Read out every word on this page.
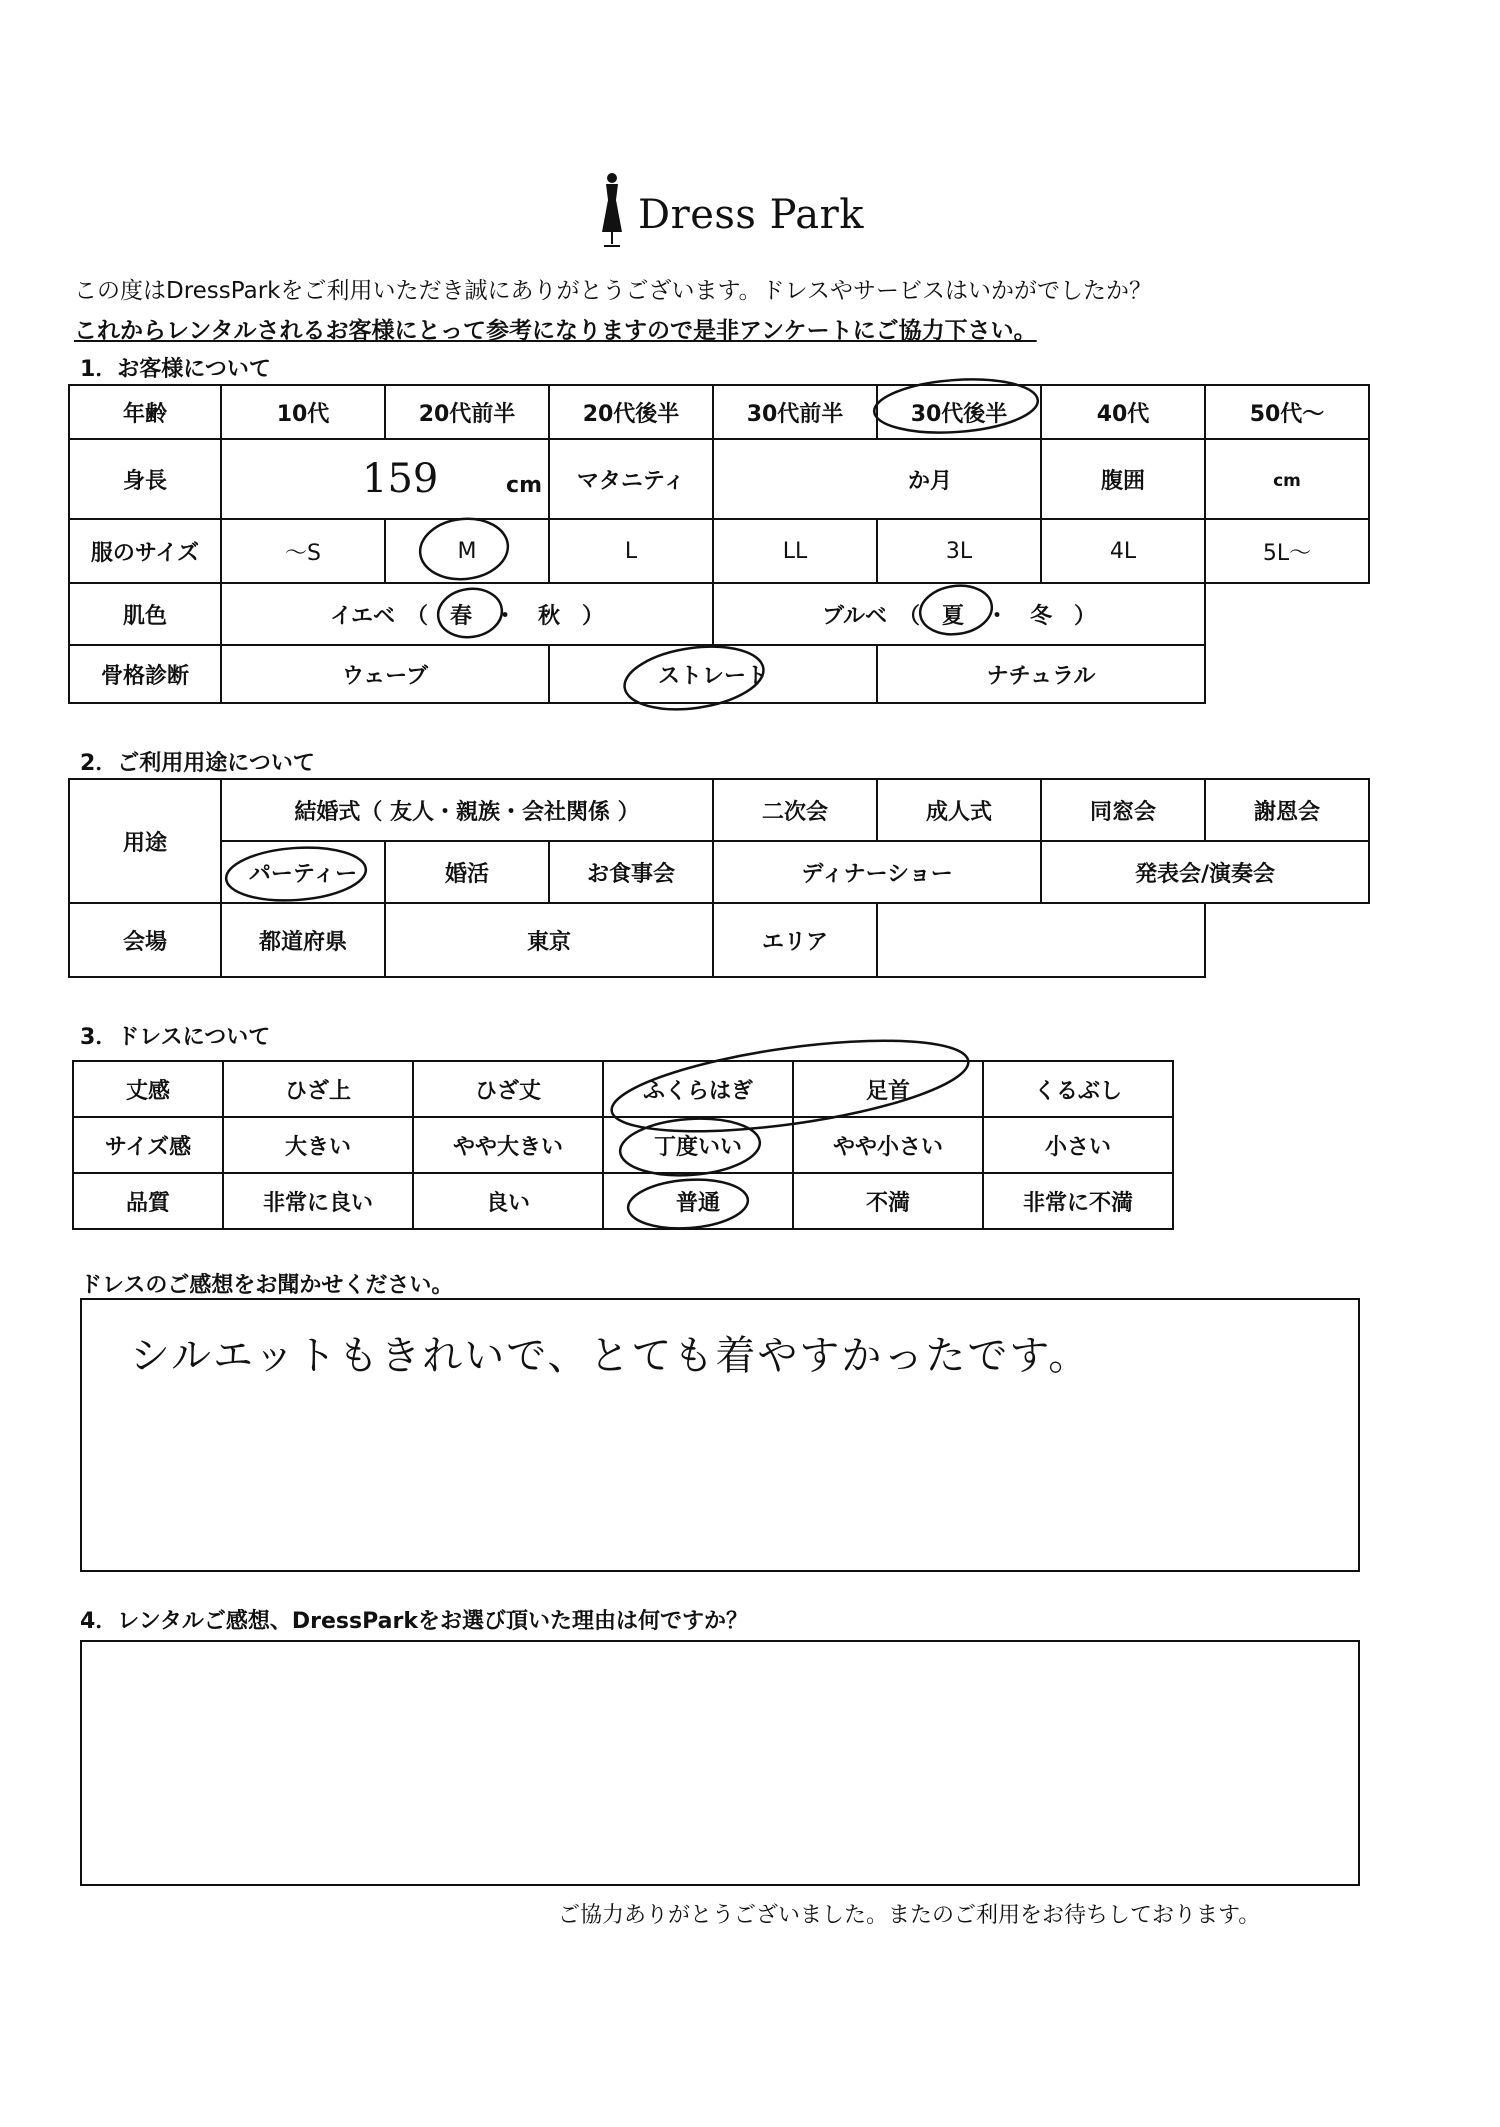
Dress Park
この度はDressParkをご利用いただき誠にありがとうございます。ドレスやサービスはいかがでしたか？
これからレンタルされるお客様にとって参考になりますので是非アンケートにご協力下さい。
1．お客様について
年齢	10代	20代前半	20代後半	30代前半	30代後半	40代	50代～
身長	159 cm		マタニティ	か月		腹囲	cm
服のサイズ	～S	M	L	LL	3L	4L	5L～
肌色	イエベ　（　春　・　秋　）			ブルベ　（　夏　・　冬　）			
骨格診断	ウェーブ		ストレート		ナチュラル		
2．ご利用用途について
用途	結婚式（ 友人・親族・会社関係 ）			二次会	成人式	同窓会	謝恩会
	パーティー	婚活	お食事会	ディナーショー		発表会/演奏会	
会場	都道府県	東京		エリア			
3．ドレスについて
丈感	ひざ上	ひざ丈	ふくらはぎ	足首	くるぶし
サイズ感	大きい	やや大きい	丁度いい	やや小さい	小さい
品質	非常に良い	良い	普通	不満	非常に不満
ドレスのご感想をお聞かせください。
シルエットもきれいで、とても着やすかったです。
4．レンタルご感想、DressParkをお選び頂いた理由は何ですか？
ご協力ありがとうございました。またのご利用をお待ちしております。
